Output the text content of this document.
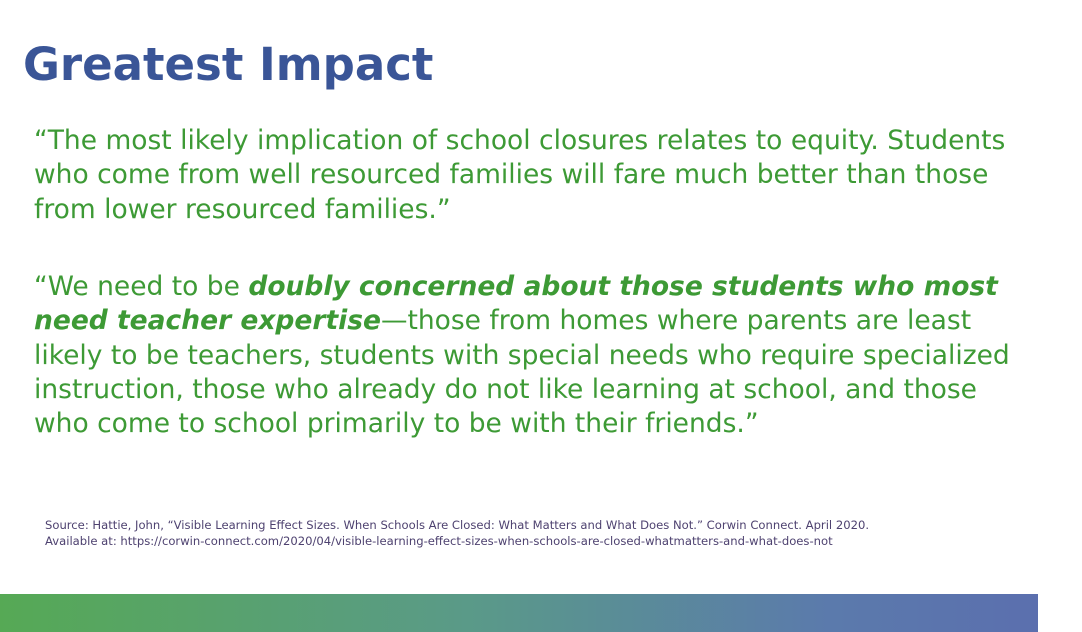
Greatest Impact

“The most likely implication of school closures relates to equity. Students who come from well resourced families will fare much better than those from lower resourced families.”

“We need to be doubly concerned about those students who most need teacher expertise—those from homes where parents are least likely to be teachers, students with special needs who require specialized instruction, those who already do not like learning at school, and those who come to school primarily to be with their friends.”

Source: Hattie, John, “Visible Learning Effect Sizes. When Schools Are Closed: What Matters and What Does Not.” Corwin Connect. April 2020.
Available at: https://corwin-connect.com/2020/04/visible-learning-effect-sizes-when-schools-are-closed-whatmatters-and-what-does-not
